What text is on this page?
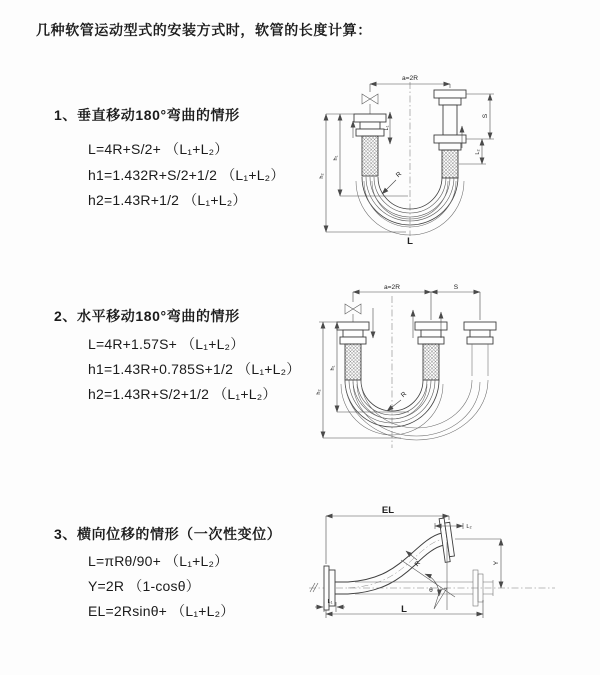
几种软管运动型式的安装方式时，软管的长度计算：
1、垂直移动180°弯曲的情形
L=4R+S/2+ （L₁+L₂）
h1=1.432R+S/2+1/2 （L₁+L₂）
h2=1.43R+1/2 （L₁+L₂）
2、水平移动180°弯曲的情形
L=4R+1.57S+ （L₁+L₂）
h1=1.43R+0.785S+1/2 （L₁+L₂）
h2=1.43R+S/2+1/2 （L₁+L₂）
3、横向位移的情形（一次性变位）
L=πRθ/90+ （L₁+L₂）
Y=2R （1-cosθ）
EL=2Rsinθ+ （L₁+L₂）
a=2R
h₁
h₂
L₁
S
L₂
R
L
a=2R	S
h₁
h₂	R
EL
L₂
Y
θ
R
L₁
L
